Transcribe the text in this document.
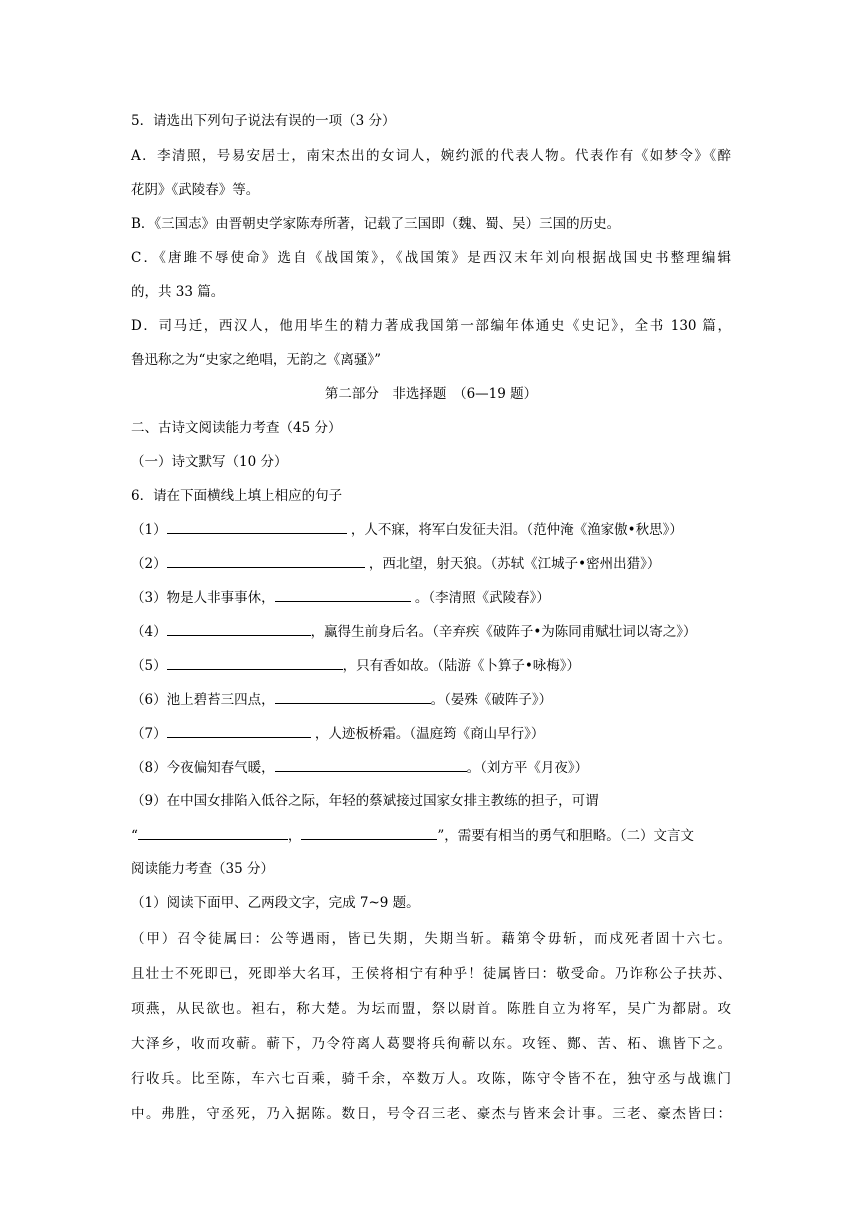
5．请选出下列句子说法有误的一项（3 分）
A．李清照，号易安居士，南宋杰出的女词人，婉约派的代表人物。代表作有《如梦令》《醉
花阴》《武陵春》等。
B．《三国志》由晋朝史学家陈寿所著，记载了三国即（魏、蜀、吴）三国的历史。
C．《唐雎不辱使命》选自《战国策》，《战国策》是西汉末年刘向根据战国史书整理编辑
的，共 33 篇。
D．司马迁，西汉人，他用毕生的精力著成我国第一部编年体通史《史记》，全书 130 篇，
鲁迅称之为“史家之绝唱，无韵之《离骚》”
第二部分　非选择题　（6—19 题）
二、古诗文阅读能力考查（45 分）
（一）诗文默写（10 分）
6．请在下面横线上填上相应的句子
（1）	，人不寐，将军白发征夫泪。（范仲淹《渔家傲•秋思》）
（2）	，西北望，射天狼。（苏轼《江城子•密州出猎》）
（3）物是人非事事休，	。（李清照《武陵春》）
（4）	，赢得生前身后名。（辛弃疾《破阵子•为陈同甫赋壮词以寄之》）
（5）	，只有香如故。（陆游《卜算子•咏梅》）
（6）池上碧苔三四点，	。（晏殊《破阵子》）
（7）	，人迹板桥霜。（温庭筠《商山早行》）
（8）今夜偏知春气暖，	。（刘方平《月夜》）
（9）在中国女排陷入低谷之际，年轻的蔡斌接过国家女排主教练的担子，可谓
“	，	”，需要有相当的勇气和胆略。（二）文言文
阅读能力考查（35 分）
（1）阅读下面甲、乙两段文字，完成 7~9 题。
（甲）召令徒属曰：公等遇雨，皆已失期，失期当斩。藉第令毋斩，而戍死者固十六七。
且壮士不死即已，死即举大名耳，王侯将相宁有种乎！徒属皆曰：敬受命。乃诈称公子扶苏、
项燕，从民欲也。袒右，称大楚。为坛而盟，祭以尉首。陈胜自立为将军，吴广为都尉。攻
大泽乡，收而攻蕲。蕲下，乃令符离人葛婴将兵徇蕲以东。攻铚、酂、苦、柘、谯皆下之。
行收兵。比至陈，车六七百乘，骑千余，卒数万人。攻陈，陈守令皆不在，独守丞与战谯门
中。弗胜，守丞死，乃入据陈。数日，号令召三老、豪杰与皆来会计事。三老、豪杰皆曰：
